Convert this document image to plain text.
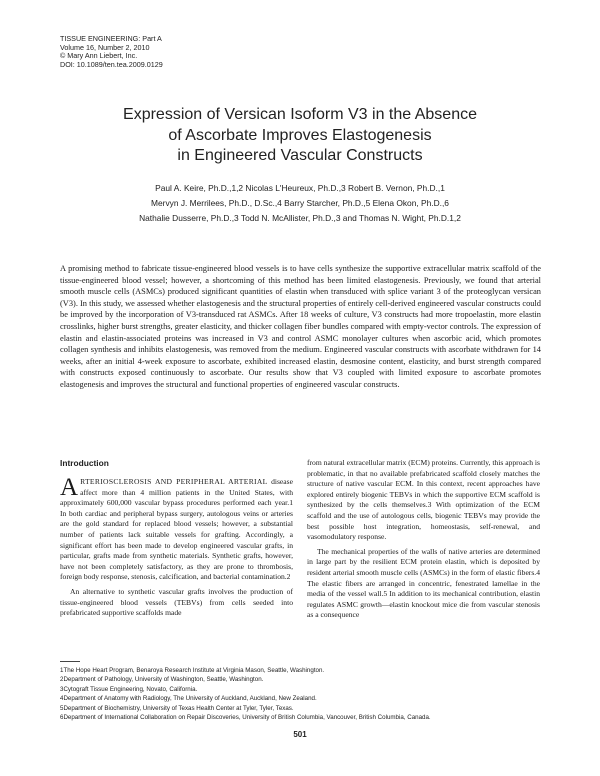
TISSUE ENGINEERING: Part A
Volume 16, Number 2, 2010
© Mary Ann Liebert, Inc.
DOI: 10.1089/ten.tea.2009.0129
Expression of Versican Isoform V3 in the Absence
of Ascorbate Improves Elastogenesis
in Engineered Vascular Constructs
Paul A. Keire, Ph.D.,1,2 Nicolas L'Heureux, Ph.D.,3 Robert B. Vernon, Ph.D.,1
Mervyn J. Merrilees, Ph.D., D.Sc.,4 Barry Starcher, Ph.D.,5 Elena Okon, Ph.D.,6
Nathalie Dusserre, Ph.D.,3 Todd N. McAllister, Ph.D.,3 and Thomas N. Wight, Ph.D.1,2
A promising method to fabricate tissue-engineered blood vessels is to have cells synthesize the supportive extracellular matrix scaffold of the tissue-engineered blood vessel; however, a shortcoming of this method has been limited elastogenesis. Previously, we found that arterial smooth muscle cells (ASMCs) produced significant quantities of elastin when transduced with splice variant 3 of the proteoglycan versican (V3). In this study, we assessed whether elastogenesis and the structural properties of entirely cell-derived engineered vascular constructs could be improved by the incorporation of V3-transduced rat ASMCs. After 18 weeks of culture, V3 constructs had more tropoelastin, more elastin crosslinks, higher burst strengths, greater elasticity, and thicker collagen fiber bundles compared with empty-vector controls. The expression of elastin and elastin-associated proteins was increased in V3 and control ASMC monolayer cultures when ascorbic acid, which promotes collagen synthesis and inhibits elastogenesis, was removed from the medium. Engineered vascular constructs with ascorbate withdrawn for 14 weeks, after an initial 4-week exposure to ascorbate, exhibited increased elastin, desmosine content, elasticity, and burst strength compared with constructs exposed continuously to ascorbate. Our results show that V3 coupled with limited exposure to ascorbate promotes elastogenesis and improves the structural and functional properties of engineered vascular constructs.
Introduction

ARTERIOSCLEROSIS AND PERIPHERAL ARTERIAL disease affect more than 4 million patients in the United States, with approximately 600,000 vascular bypass procedures performed each year.1 In both cardiac and peripheral bypass surgery, autologous veins or arteries are the gold standard for replaced blood vessels; however, a substantial number of patients lack suitable vessels for grafting. Accordingly, a significant effort has been made to develop engineered vascular grafts, in particular, grafts made from synthetic materials. Synthetic grafts, however, have not been completely satisfactory, as they are prone to thrombosis, foreign body response, stenosis, calcification, and bacterial contamination.2

An alternative to synthetic vascular grafts involves the production of tissue-engineered blood vessels (TEBVs) from cells seeded into prefabricated supportive scaffolds made

from natural extracellular matrix (ECM) proteins. Currently, this approach is problematic, in that no available prefabricated scaffold closely matches the structure of native vascular ECM. In this context, recent approaches have explored entirely biogenic TEBVs in which the supportive ECM scaffold is synthesized by the cells themselves.3 With optimization of the ECM scaffold and the use of autologous cells, biogenic TEBVs may provide the best possible host integration, homeostasis, self-renewal, and vasomodulatory response.

The mechanical properties of the walls of native arteries are determined in large part by the resilient ECM protein elastin, which is deposited by resident arterial smooth muscle cells (ASMCs) in the form of elastic fibers.4 The elastic fibers are arranged in concentric, fenestrated lamellae in the media of the vessel wall.5 In addition to its mechanical contribution, elastin regulates ASMC growth—elastin knockout mice die from vascular stenosis as a consequence

1The Hope Heart Program, Benaroya Research Institute at Virginia Mason, Seattle, Washington.
2Department of Pathology, University of Washington, Seattle, Washington.
3Cytograft Tissue Engineering, Novato, California.
4Department of Anatomy with Radiology, The University of Auckland, Auckland, New Zealand.
5Department of Biochemistry, University of Texas Health Center at Tyler, Tyler, Texas.
6Department of International Collaboration on Repair Discoveries, University of British Columbia, Vancouver, British Columbia, Canada.
501
